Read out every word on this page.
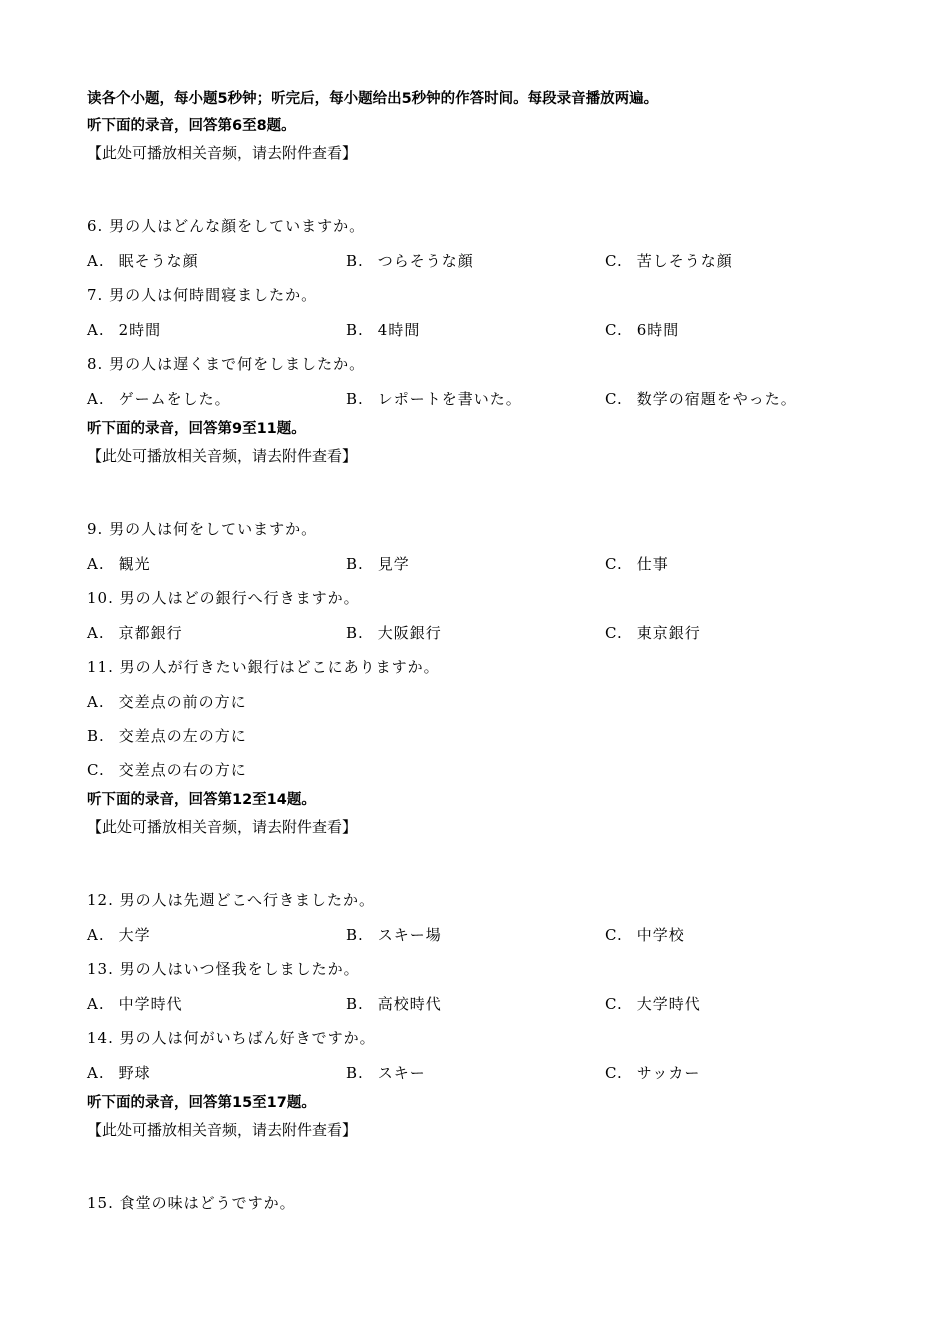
读各个小题，每小题5秒钟；听完后，每小题给出5秒钟的作答时间。每段录音播放两遍。
听下面的录音，回答第6至8题。
【此处可播放相关音频，请去附件查看】
6. 男の人はどんな顔をしていますか。
A. 眠そうな顔	B. つらそうな顔	C. 苦しそうな顔
7. 男の人は何時間寝ましたか。
A. 2時間	B. 4時間	C. 6時間
8. 男の人は遅くまで何をしましたか。
A. ゲームをした。	B. レポートを書いた。	C. 数学の宿題をやった。
听下面的录音，回答第9至11题。
【此处可播放相关音频，请去附件查看】
9. 男の人は何をしていますか。
A. 観光	B. 見学	C. 仕事
10. 男の人はどの銀行へ行きますか。
A. 京都銀行	B. 大阪銀行	C. 東京銀行
11. 男の人が行きたい銀行はどこにありますか。
A. 交差点の前の方に
B. 交差点の左の方に
C. 交差点の右の方に
听下面的录音，回答第12至14题。
【此处可播放相关音频，请去附件查看】
12. 男の人は先週どこへ行きましたか。
A. 大学	B. スキー場	C. 中学校
13. 男の人はいつ怪我をしましたか。
A. 中学時代	B. 高校時代	C. 大学時代
14. 男の人は何がいちばん好きですか。
A. 野球	B. スキー	C. サッカー
听下面的录音，回答第15至17题。
【此处可播放相关音频，请去附件查看】
15. 食堂の味はどうですか。
